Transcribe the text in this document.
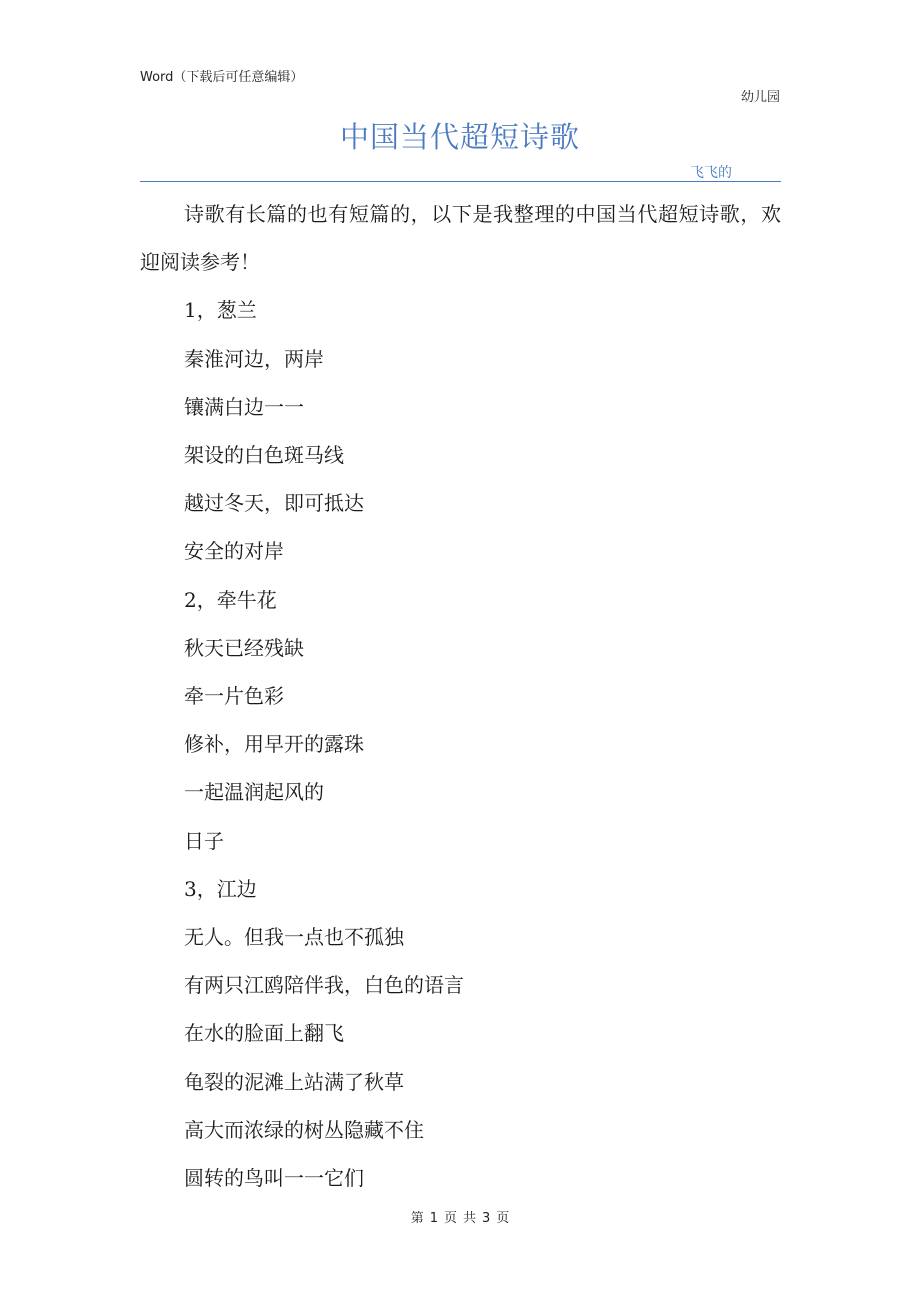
Word（下载后可任意编辑）
幼儿园
中国当代超短诗歌
飞飞的

诗歌有长篇的也有短篇的，以下是我整理的中国当代超短诗歌，欢迎阅读参考！

1，葱兰

秦淮河边，两岸

镶满白边一一

架设的白色斑马线

越过冬天，即可抵达

安全的对岸

2，牵牛花

秋天已经残缺

牵一片色彩

修补，用早开的露珠

一起温润起风的

日子

3，江边

无人。但我一点也不孤独

有两只江鸥陪伴我，白色的语言

在水的脸面上翻飞

龟裂的泥滩上站满了秋草

高大而浓绿的树丛隐藏不住

圆转的鸟叫一一它们

第 1 页 共 3 页
